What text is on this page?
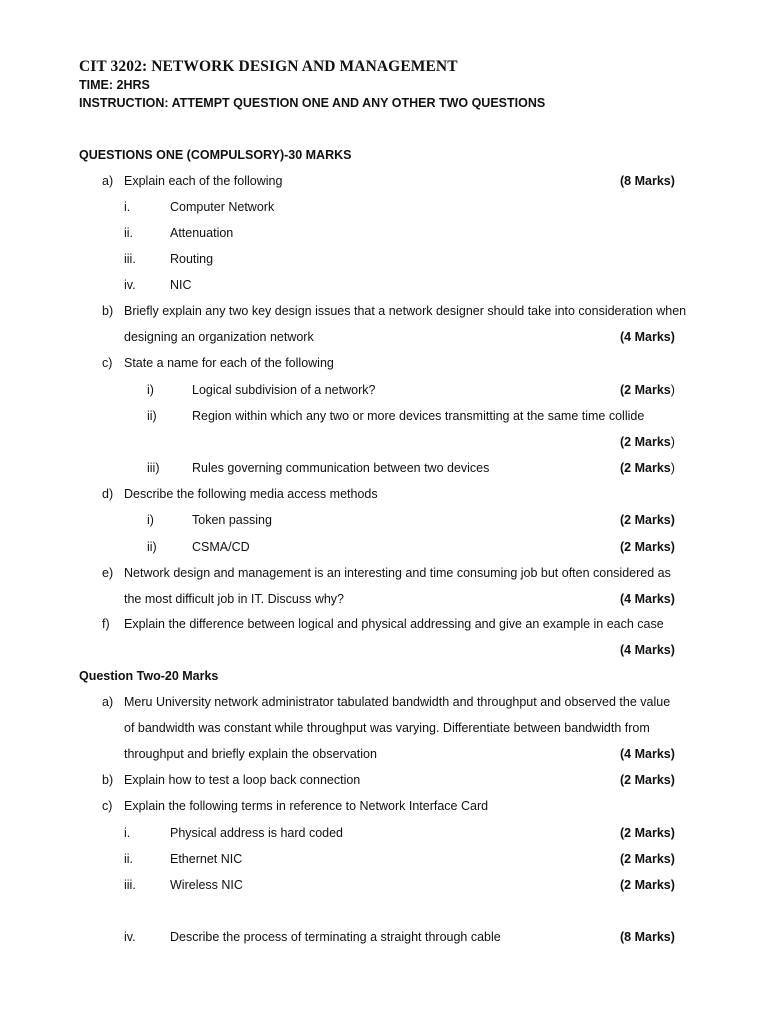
CIT 3202: NETWORK DESIGN AND MANAGEMENT
TIME: 2HRS
INSTRUCTION: ATTEMPT QUESTION ONE AND ANY OTHER TWO QUESTIONS
QUESTIONS ONE (COMPULSORY)-30 MARKS
a) Explain each of the following	(8 Marks)
i.	Computer Network
ii.	Attenuation
iii.	Routing
iv.	NIC
b) Briefly explain any two key design issues that a network designer should take into consideration when
designing an organization network	(4 Marks)
c) State a name for each of the following
i)	Logical subdivision of a network?	(2 Marks)
ii)	Region within which any two or more devices transmitting at the same time collide
(2 Marks)
iii)	Rules governing communication between two devices	(2 Marks)
d) Describe the following media access methods
i)	Token passing	(2 Marks)
ii)	CSMA/CD	(2 Marks)
e) Network design and management is an interesting and time consuming job but often considered as
the most difficult job in IT. Discuss why?	(4 Marks)
f) Explain the difference between logical and physical addressing and give an example in each case
(4 Marks)
Question Two-20 Marks
a) Meru University network administrator tabulated bandwidth and throughput and observed the value
of bandwidth was constant while throughput was varying. Differentiate between bandwidth from
throughput and briefly explain the observation	(4 Marks)
b) Explain how to test a loop back connection	(2 Marks)
c) Explain the following terms in reference to Network Interface Card
i.	Physical address is hard coded	(2 Marks)
ii.	Ethernet NIC	(2 Marks)
iii.	Wireless NIC	(2 Marks)
iv.	Describe the process of terminating a straight through cable	(8 Marks)
